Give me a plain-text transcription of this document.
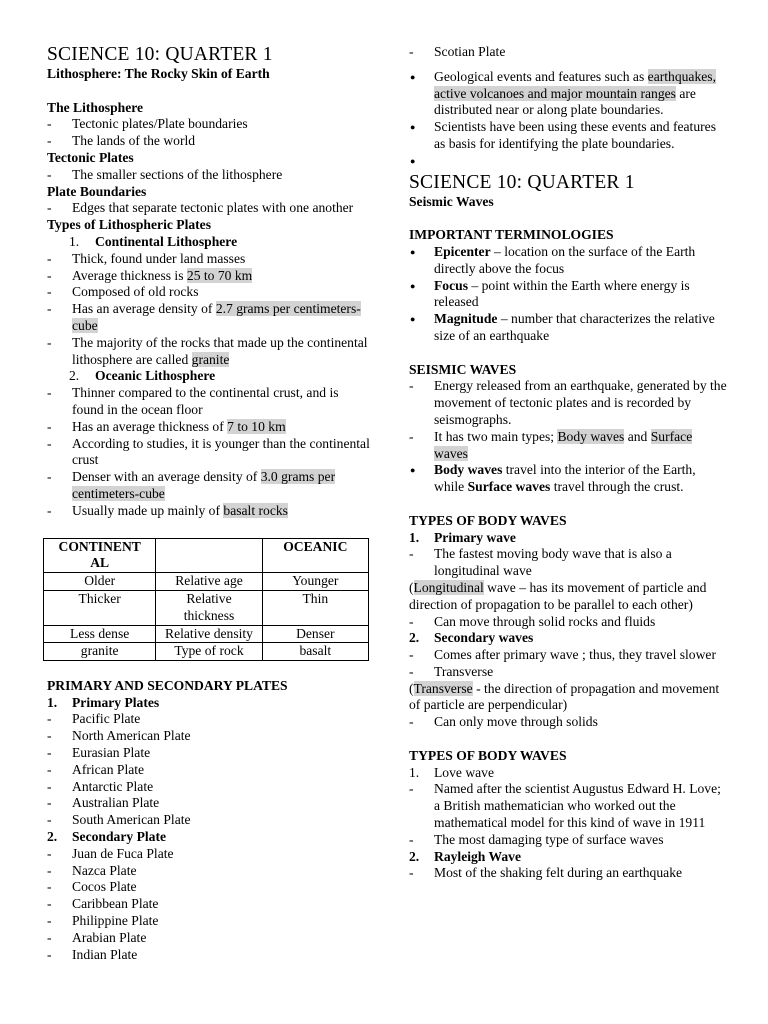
SCIENCE 10: QUARTER 1

Lithosphere: The Rocky Skin of Earth

The Lithosphere

- Tectonic plates/Plate boundaries
- The lands of the world

Tectonic Plates

- The smaller sections of the lithosphere

Plate Boundaries

- Edges that separate tectonic plates with one another

Types of Lithospheric Plates

1. Continental Lithosphere
- Thick, found under land masses
- Average thickness is 25 to 70 km
- Composed of old rocks
- Has an average density of 2.7 grams per centimeters-cube
- The majority of the rocks that made up the continental lithosphere are called granite
2. Oceanic Lithosphere
- Thinner compared to the continental crust, and is found in the ocean floor
- Has an average thickness of 7 to 10 km
- According to studies, it is younger than the continental crust
- Denser with an average density of 3.0 grams per centimeters-cube
- Usually made up mainly of basalt rocks
CONTINENT AL		OCEANIC
Older	Relative age	Younger
Thicker	Relative thickness	Thin
Less dense	Relative density	Denser
granite	Type of rock	basalt

PRIMARY AND SECONDARY PLATES

1. Primary Plates
- Pacific Plate
- North American Plate
- Eurasian Plate
- African Plate
- Antarctic Plate
- Australian Plate
- South American Plate
2. Secondary Plate
- Juan de Fuca Plate
- Nazca Plate
- Cocos Plate
- Caribbean Plate
- Philippine Plate
- Arabian Plate
- Indian Plate
- Scotian Plate
● Geological events and features such as earthquakes, active volcanoes and major mountain ranges are distributed near or along plate boundaries.
● Scientists have been using these events and features as basis for identifying the plate boundaries.
●
SCIENCE 10: QUARTER 1

Seismic Waves

IMPORTANT TERMINOLOGIES

● Epicenter – location on the surface of the Earth directly above the focus
● Focus – point within the Earth where energy is released
● Magnitude – number that characterizes the relative size of an earthquake

SEISMIC WAVES

- Energy released from an earthquake, generated by the movement of tectonic plates and is recorded by seismographs.
- It has two main types; Body waves and Surface waves
● Body waves travel into the interior of the Earth, while Surface waves travel through the crust.

TYPES OF BODY WAVES

1. Primary wave
- The fastest moving body wave that is also a longitudinal wave

(Longitudinal wave – has its movement of particle and direction of propagation to be parallel to each other)

- Can move through solid rocks and fluids
2. Secondary waves
- Comes after primary wave ; thus, they travel slower
- Transverse

(Transverse - the direction of propagation and movement of particle are perpendicular)

- Can only move through solids

TYPES OF BODY WAVES

1. Love wave
- Named after the scientist Augustus Edward H. Love; a British mathematician who worked out the mathematical model for this kind of wave in 1911
- The most damaging type of surface waves
2. Rayleigh Wave
- Most of the shaking felt during an earthquake
